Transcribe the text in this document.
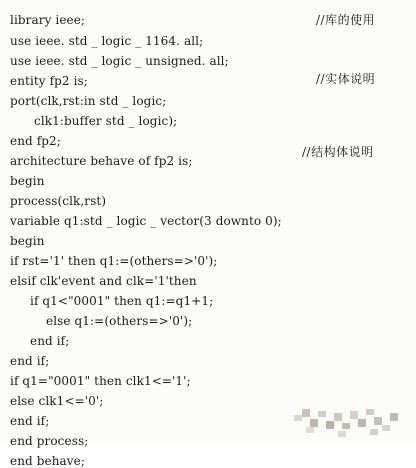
library ieee;
use ieee. std _ logic _ 1164. all;
use ieee. std _ logic _ unsigned. all;
entity fp2 is;
port(clk,rst:in std _ logic;
clk1:buffer std _ logic);
end fp2;
architecture behave of fp2 is;
begin
process(clk,rst)
variable q1:std _ logic _ vector(3 downto 0);
begin
if rst='1' then q1:=(others=>'0');
elsif clk'event and clk='1'then
if q1<"0001" then q1:=q1+1;
else q1:=(others=>'0');
end if;
end if;
if q1="0001" then clk1<='1';
else clk1<='0';
end if;
end process;
end behave;
//库的使用
//实体说明
//结构体说明
